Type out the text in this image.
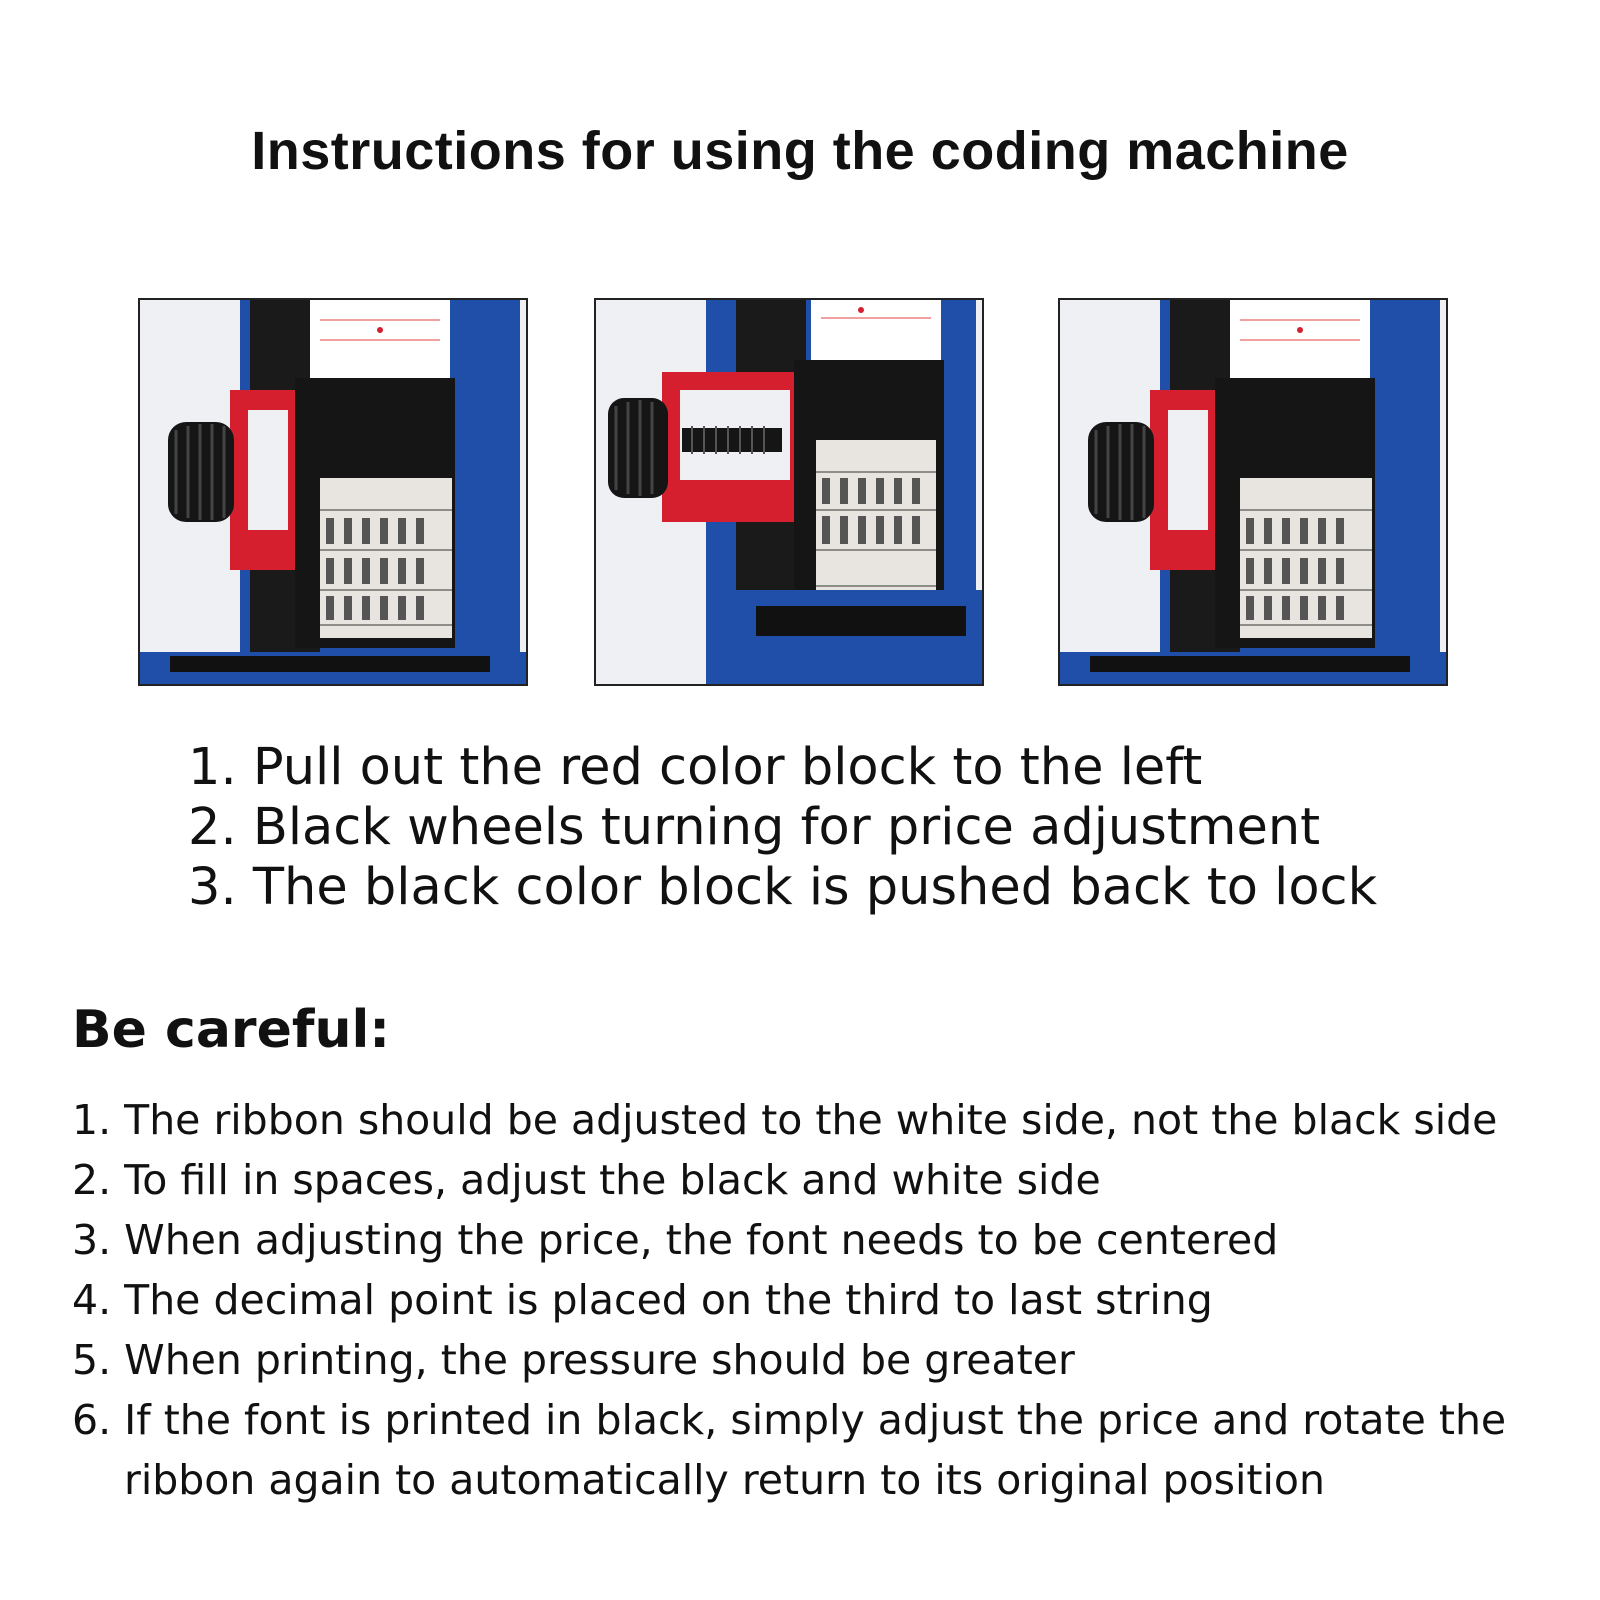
Instructions for using the coding machine
1. Pull out the red color block to the left
2. Black wheels turning for price adjustment
3. The black color block is pushed back to lock
Be careful:
1. The ribbon should be adjusted to the white side, not the black side
2. To fill in spaces, adjust the black and white side
3. When adjusting the price, the font needs to be centered
4. The decimal point is placed on the third to last string
5. When printing, the pressure should be greater
6. If the font is printed in black, simply adjust the price and rotate the
ribbon again to automatically return to its original position
